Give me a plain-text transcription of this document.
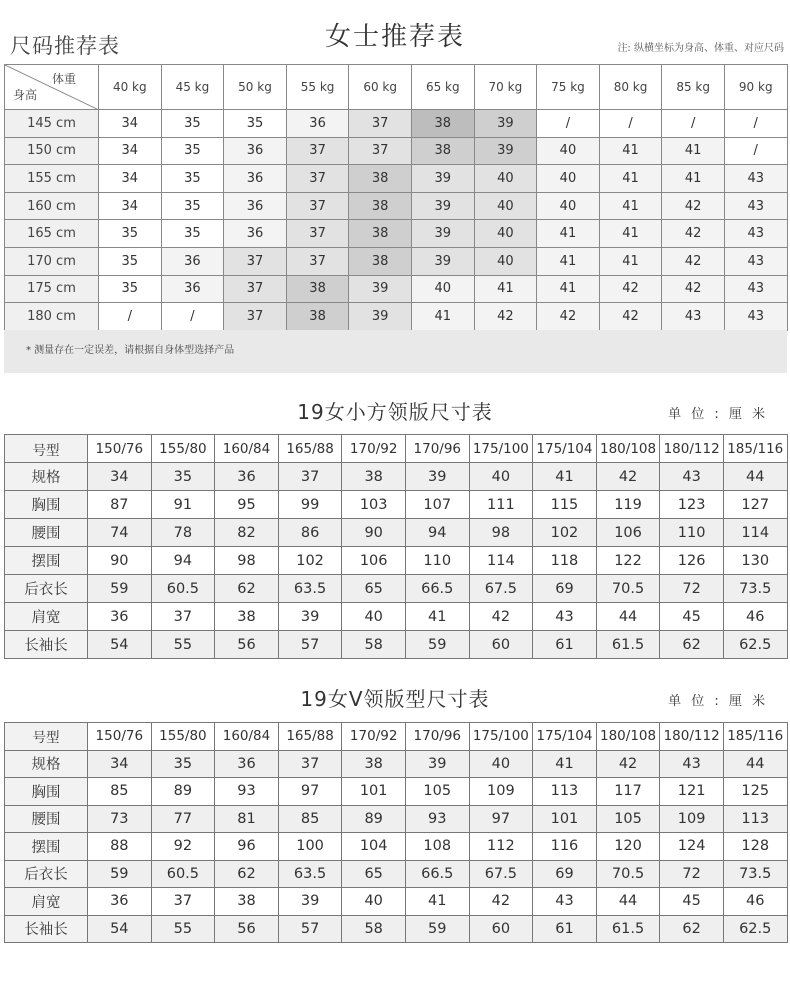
尺码推荐表	女士推荐表	注: 纵横坐标为身高、体重、对应尺码
体重
身高	40 kg	45 kg	50 kg	55 kg	60 kg	65 kg	70 kg	75 kg	80 kg	85 kg	90 kg
145 cm	34	35	35	36	37	38	39	/	/	/	/
150 cm	34	35	36	37	37	38	39	40	41	41	/
155 cm	34	35	36	37	38	39	40	40	41	41	43
160 cm	34	35	36	37	38	39	40	40	41	42	43
165 cm	35	35	36	37	38	39	40	41	41	42	43
170 cm	35	36	37	37	38	39	40	41	41	42	43
175 cm	35	36	37	38	39	40	41	41	42	42	43
180 cm	/	/	37	38	39	41	42	42	42	43	43
* 测量存在一定误差，请根据自身体型选择产品
19女小方领版尺寸表	单 位 : 厘 米
号型	150/76	155/80	160/84	165/88	170/92	170/96	175/100	175/104	180/108	180/112	185/116
规格	34	35	36	37	38	39	40	41	42	43	44
胸围	87	91	95	99	103	107	111	115	119	123	127
腰围	74	78	82	86	90	94	98	102	106	110	114
摆围	90	94	98	102	106	110	114	118	122	126	130
后衣长	59	60.5	62	63.5	65	66.5	67.5	69	70.5	72	73.5
肩宽	36	37	38	39	40	41	42	43	44	45	46
长袖长	54	55	56	57	58	59	60	61	61.5	62	62.5
19女V领版型尺寸表	单 位 : 厘 米
号型	150/76	155/80	160/84	165/88	170/92	170/96	175/100	175/104	180/108	180/112	185/116
规格	34	35	36	37	38	39	40	41	42	43	44
胸围	85	89	93	97	101	105	109	113	117	121	125
腰围	73	77	81	85	89	93	97	101	105	109	113
摆围	88	92	96	100	104	108	112	116	120	124	128
后衣长	59	60.5	62	63.5	65	66.5	67.5	69	70.5	72	73.5
肩宽	36	37	38	39	40	41	42	43	44	45	46
长袖长	54	55	56	57	58	59	60	61	61.5	62	62.5
